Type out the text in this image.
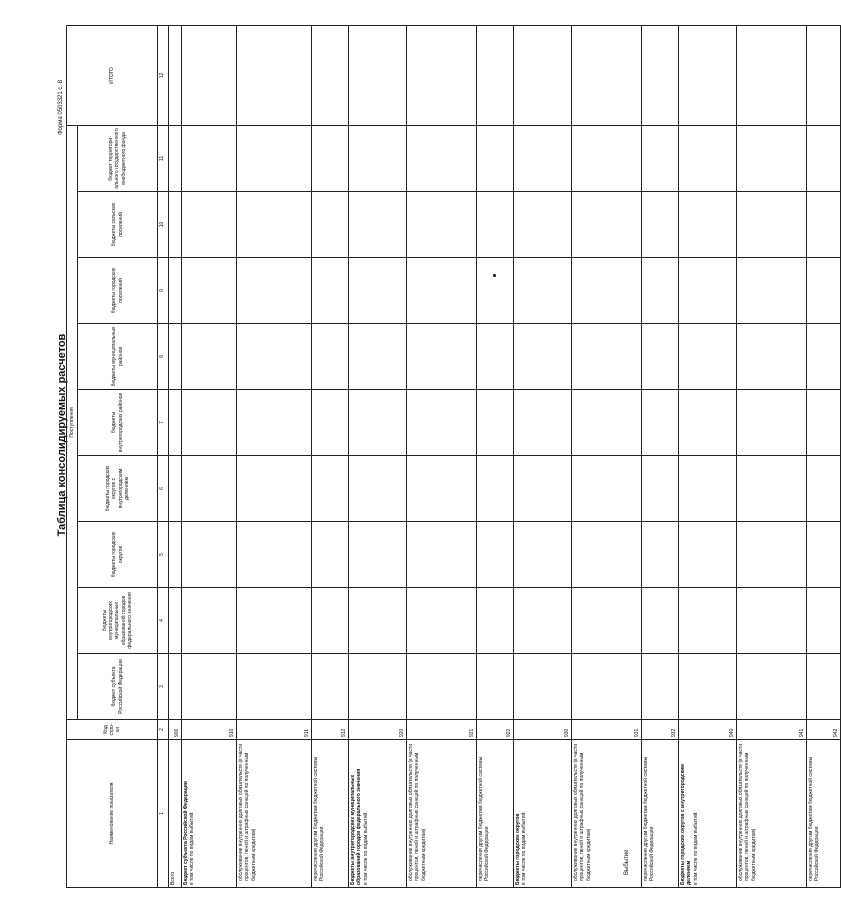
Таблица консолидируемых расчетов
Форма 0503321 с. 8
Выбытие
Наименование показателя	Код стро-ки	Поступления									ИТОГО
		бюджет субъекта Российской Федерации	бюджеты внутригородских муниципальных образований городов федерального значения	бюджеты городских округов	бюджеты городских округов с внутригородским делением	бюджеты внутригородских районов	бюджеты муниципальных районов	бюджеты городских поселений	бюджеты сельских поселений	бюджет территори-ального государственного внебюджетного фонда	
1	2	3	4	5	6	7	8	9	10	11	12

Всего	900										

Бюджет субъекта Российской Федерации в том числе по видам выбытий:	910										

обслуживание внутренних долговых обязательств (в части процентов, пеней и штрафных санкций по полученным бюджетным кредитам)	911										

перечисления другим бюджетам бюджетной системы Российской Федерации	912										

Бюджеты внутригородских муниципальных образований городов федерального значения в том числе по видам выбытий:	920										

обслуживание внутренних долговых обязательств (в части процентов, пеней и штрафных санкций по полученным бюджетным кредитам)	921										

перечисления другим бюджетам бюджетной системы Российской Федерации	922										

Бюджеты городских округов в том числе по видам выбытий:	930										

обслуживание внутренних долговых обязательств (в части процентов, пеней и штрафных санкций по полученным бюджетным кредитам)	931										

перечисления другим бюджетам бюджетной системы Российской Федерации	932										

Бюджеты городских округов с внутригородским делением в том числе по видам выбытий:	940										

обслуживание внутренних долговых обязательств (в части процентов, пеней и штрафных санкций по полученным бюджетным кредитам)	941										

перечисления другим бюджетам бюджетной системы Российской Федерации	942										
